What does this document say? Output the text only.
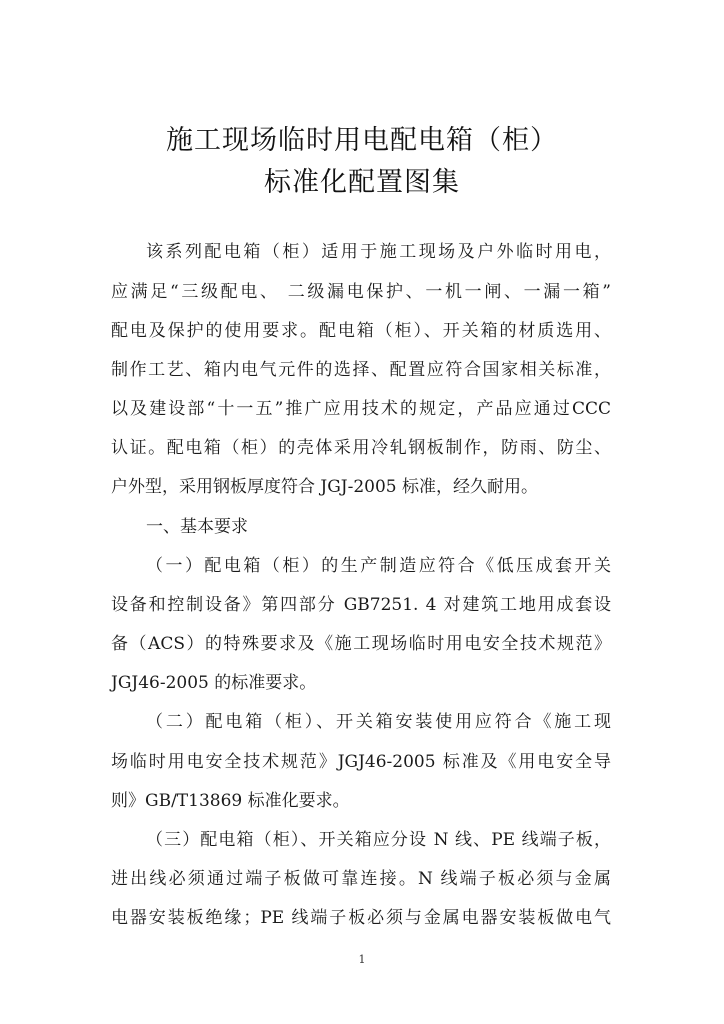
施工现场临时用电配电箱（柜）
标准化配置图集
该系列配电箱（柜）适用于施工现场及户外临时用电，
应满足“三级配电、 二级漏电保护、一机一闸、一漏一箱”
配电及保护的使用要求。配电箱（柜）、开关箱的材质选用、
制作工艺、箱内电气元件的选择、配置应符合国家相关标准，
以及建设部“十一五”推广应用技术的规定，产品应通过CCC
认证。配电箱（柜）的壳体采用冷轧钢板制作，防雨、防尘、
户外型，采用钢板厚度符合 JGJ-2005 标准，经久耐用。
一、基本要求
（一）配电箱（柜）的生产制造应符合《低压成套开关
设备和控制设备》第四部分 GB7251. 4 对建筑工地用成套设
备（ACS）的特殊要求及《施工现场临时用电安全技术规范》
JGJ46-2005 的标准要求。
（二）配电箱（柜）、开关箱安装使用应符合《施工现
场临时用电安全技术规范》JGJ46-2005 标准及《用电安全导
则》GB/T13869 标准化要求。
（三）配电箱（柜）、开关箱应分设 N 线、PE 线端子板，
进出线必须通过端子板做可靠连接。N 线端子板必须与金属
电器安装板绝缘；PE 线端子板必须与金属电器安装板做电气
1
